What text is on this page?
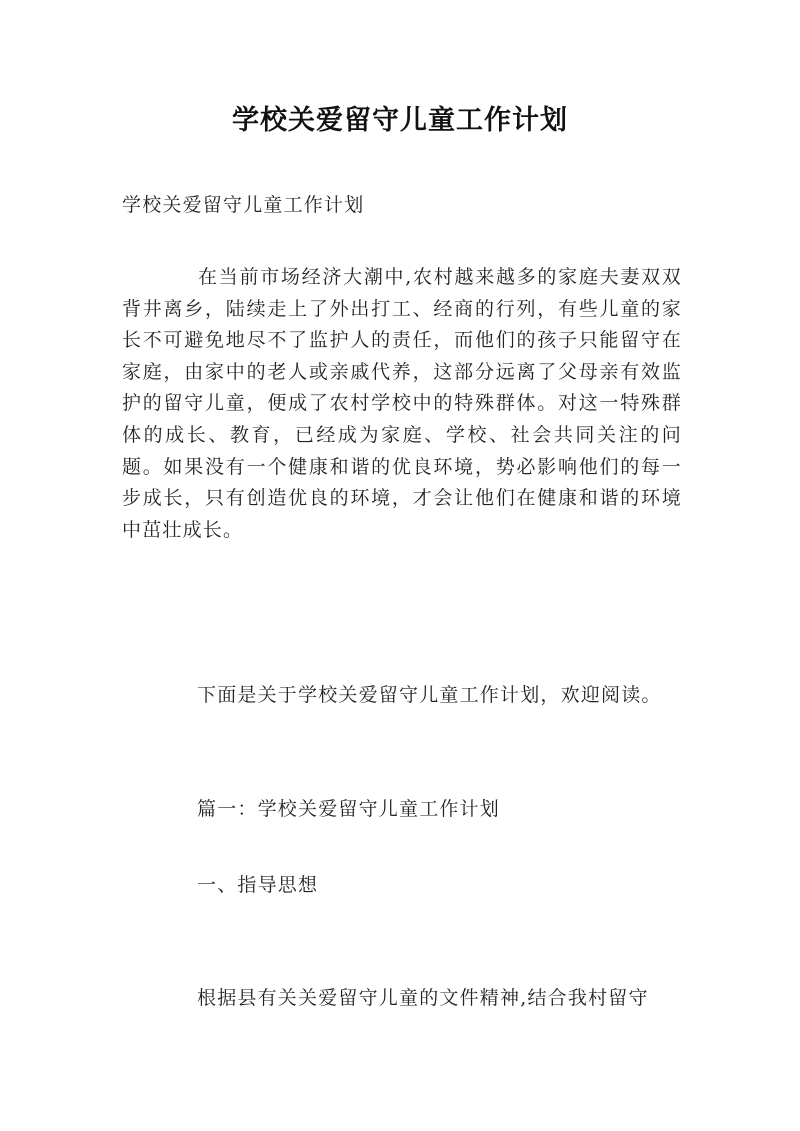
学校关爱留守儿童工作计划

学校关爱留守儿童工作计划

在当前市场经济大潮中,农村越来越多的家庭夫妻双双背井离乡，陆续走上了外出打工、经商的行列，有些儿童的家长不可避免地尽不了监护人的责任，而他们的孩子只能留守在家庭，由家中的老人或亲戚代养，这部分远离了父母亲有效监护的留守儿童，便成了农村学校中的特殊群体。对这一特殊群体的成长、教育，已经成为家庭、学校、社会共同关注的问题。如果没有一个健康和谐的优良环境，势必影响他们的每一步成长，只有创造优良的环境，才会让他们在健康和谐的环境中茁壮成长。

下面是关于学校关爱留守儿童工作计划，欢迎阅读。

篇一：学校关爱留守儿童工作计划

一、指导思想

根据县有关关爱留守儿童的文件精神,结合我村留守
